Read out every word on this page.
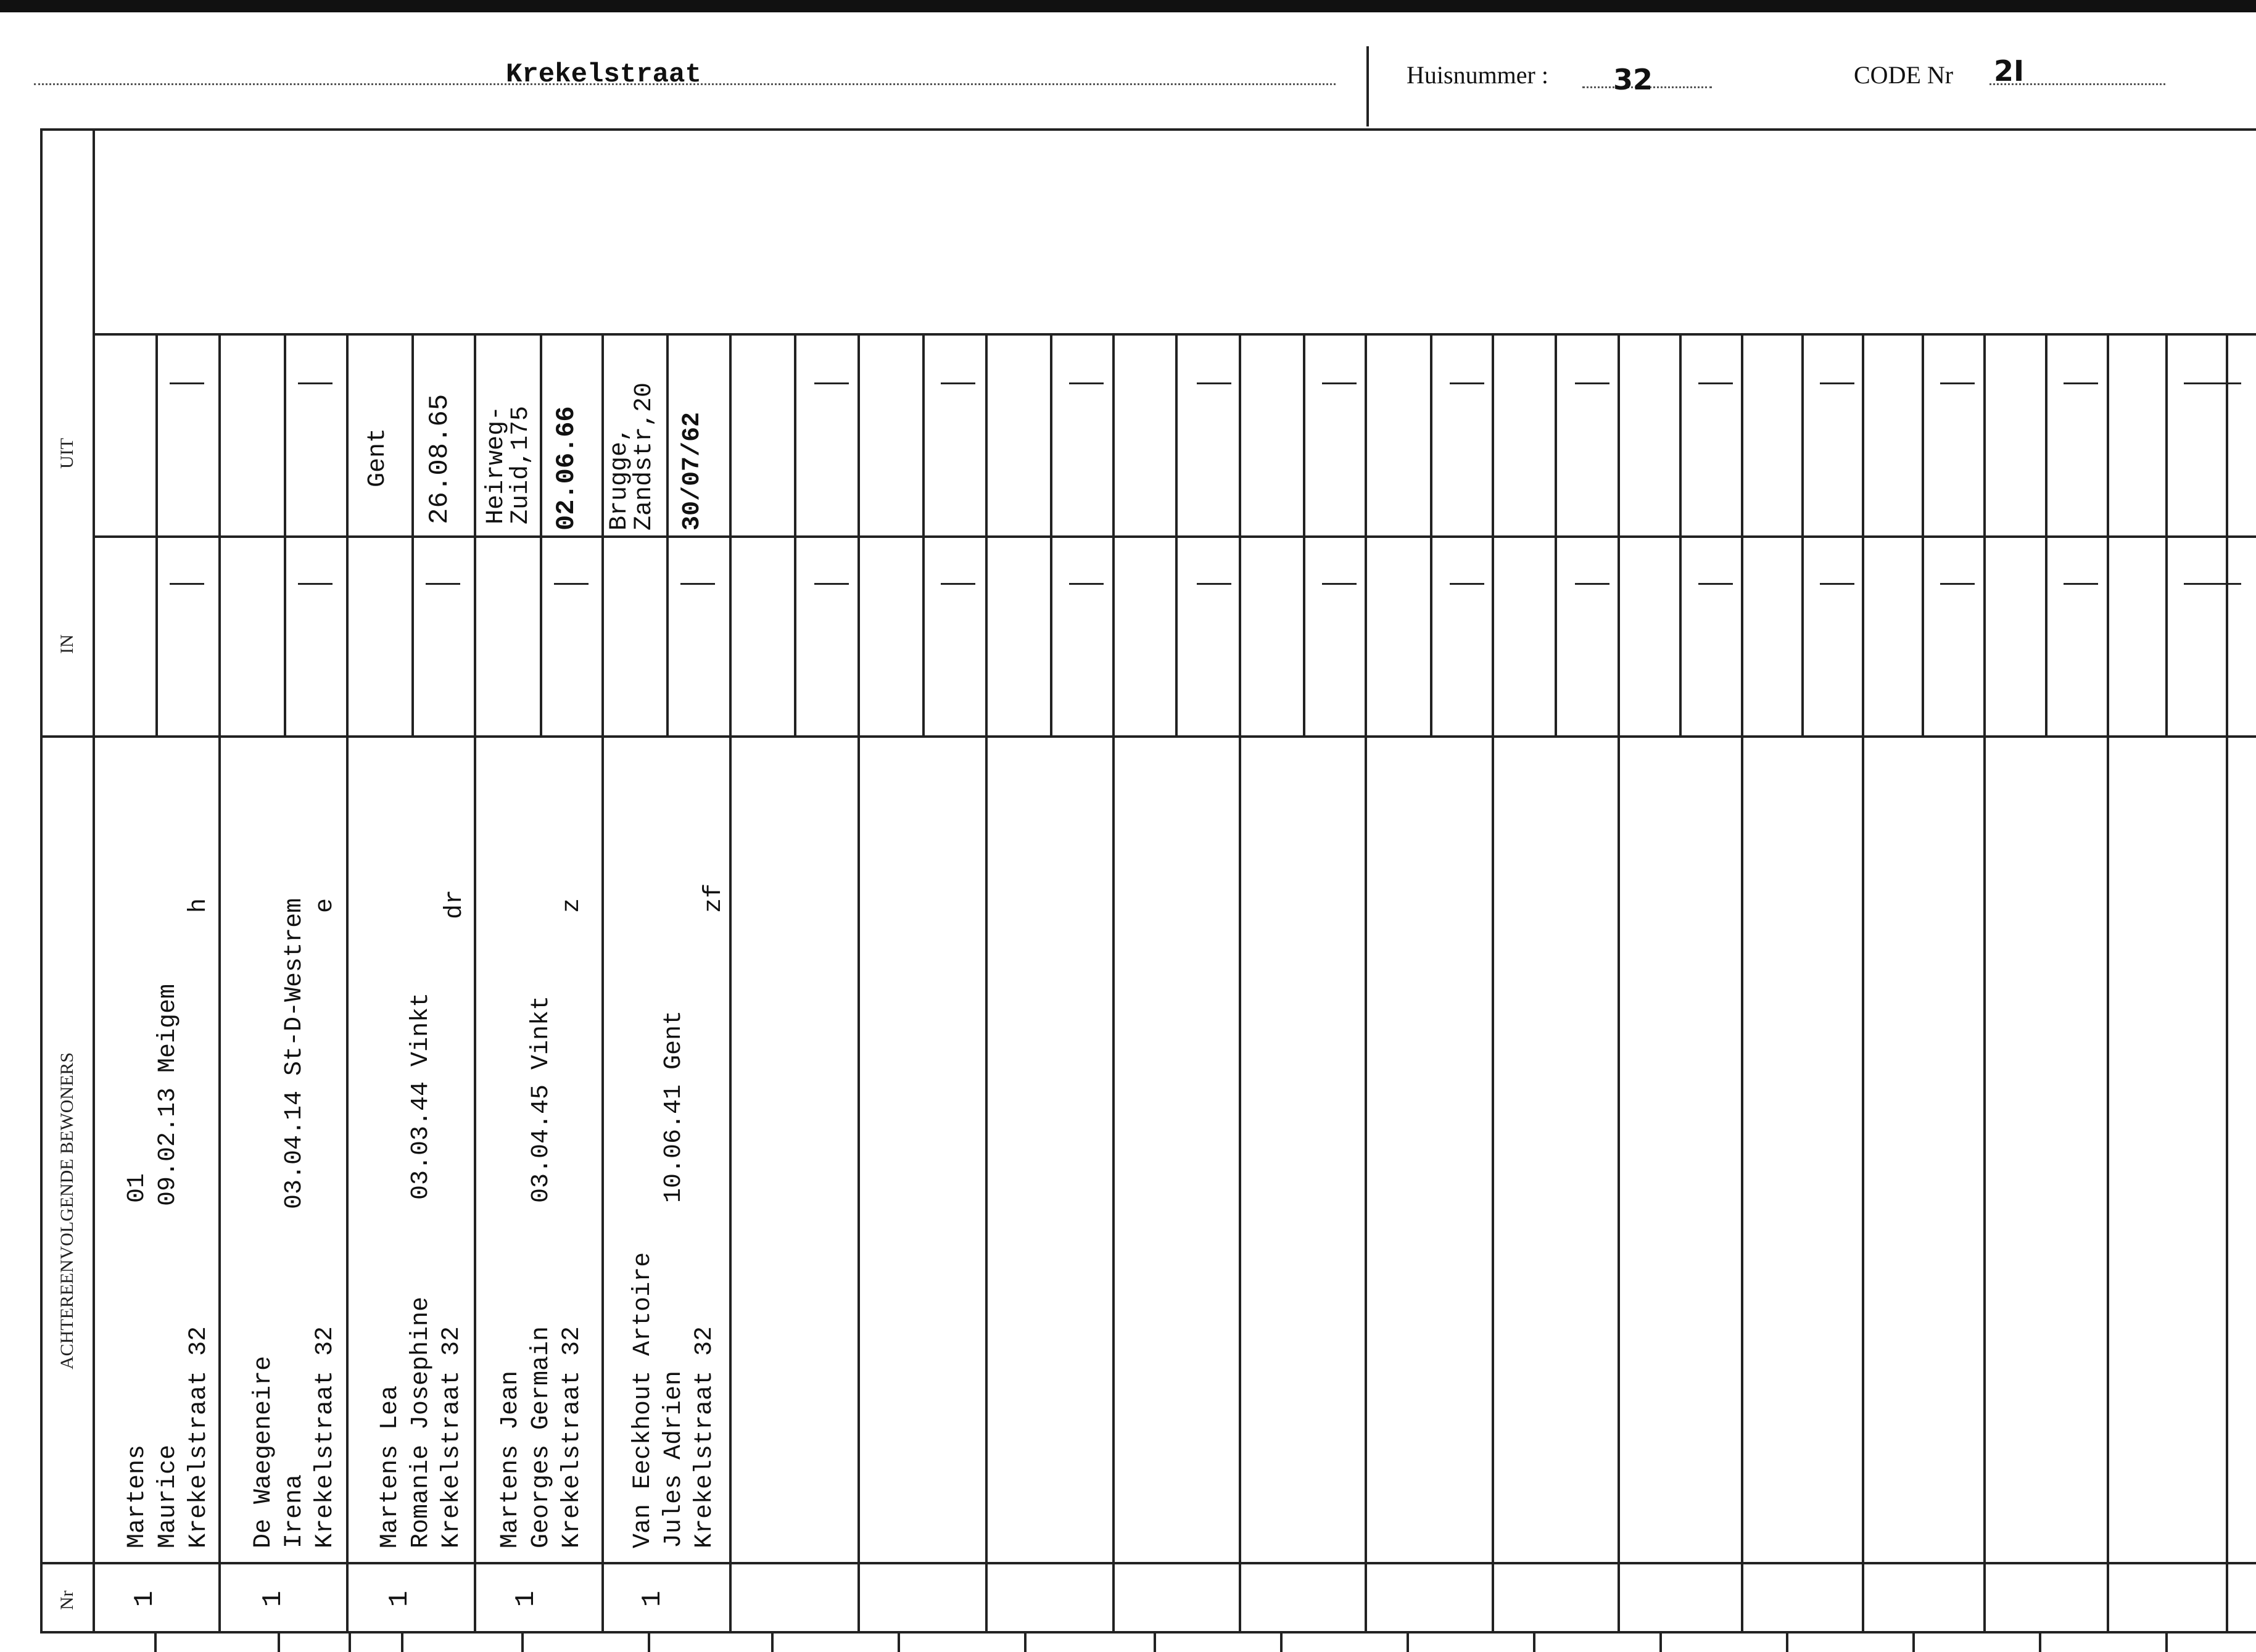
Krekelstraat	Huisnummer : 32	CODE Nr 2I
UIT
IN
ACHTEREENVOLGENDE BEWONERS
Nr
Martens Maurice Krekelstraat 32
01 09.02.13 Meigem
h
1
De Waegeneire Irena Krekelstraat 32
03.04.14 St-D-Westrem e
1
Martens Lea Romanie Josephine Krekelstraat 32
03.03.44 Vinkt
dr
1
Gent 26.08.65
Martens Jean Georges Germain Krekelstraat 32
03.04.45 Vinkt
z
1
Heirweg-
Zuid,175 02.06.66
Van Eeckhout Artoire Jules Adrien Krekelstraat 32
10.06.41 Gent
zf
1
Brugge,
Zandstr,20 30/07/62
